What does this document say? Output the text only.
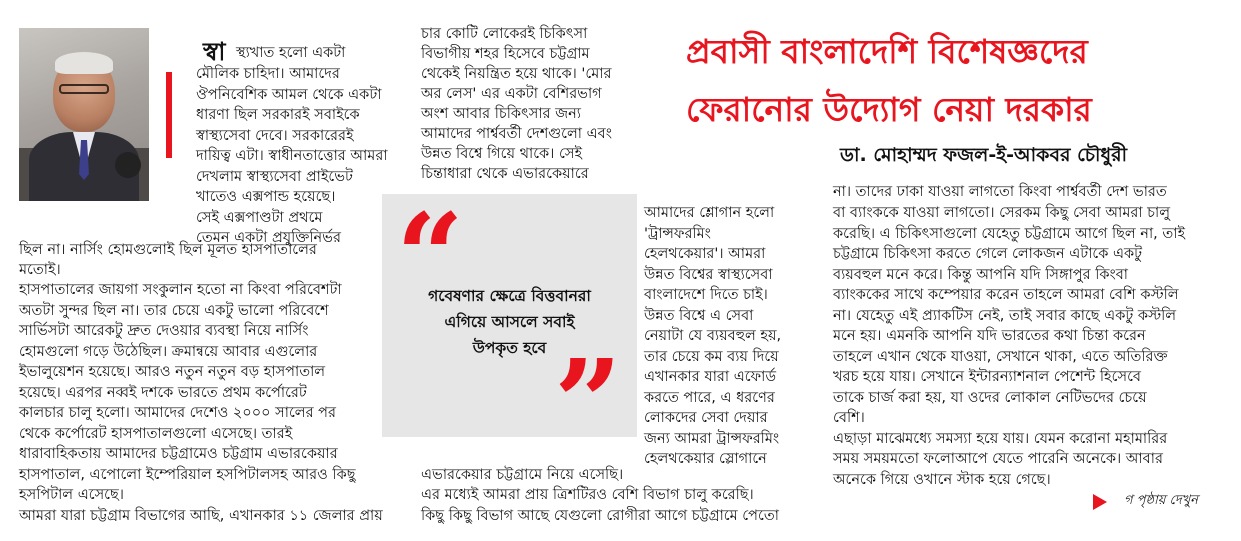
প্রবাসী বাংলাদেশি বিশেষজ্ঞদের
ফেরানোর উদ্যোগ নেয়া দরকার
ডা. মোহাম্মদ ফজল-ই-আকবর চৌধুরী
স্বা স্থ্যখাত হলো একটা
মৌলিক চাহিদা। আমাদের
ঔপনিবেশিক আমল থেকে একটা
ধারণা ছিল সরকারই সবাইকে
স্বাস্থ্যসেবা দেবে। সরকারেরই
দায়িত্ব এটা। স্বাধীনতাত্তোর আমরা
দেখলাম স্বাস্থ্যসেবা প্রাইভেট
খাতেও এক্সপান্ড হয়েছে।
সেই এক্সপাণ্ডটা প্রথমে
তেমন একটা প্রযুক্তিনির্ভর
ছিল না। নার্সিং হোমগুলোই ছিল মূলত হাসপাতালের
মতোই।
হাসপাতালের জায়গা সংকুলান হতো না কিংবা পরিবেশটা
অতটা সুন্দর ছিল না। তার চেয়ে একটু ভালো পরিবেশে
সার্ভিসটা আরেকটু দ্রুত দেওয়ার ব্যবস্থা নিয়ে নার্সিং
হোমগুলো গড়ে উঠেছিল। ক্রমান্বয়ে আবার এগুলোর
ইভালুয়েশন হয়েছে। আরও নতুন নতুন বড় হাসপাতাল
হয়েছে। এরপর নব্বই দশকে ভারতে প্রথম কর্পোরেট
কালচার চালু হলো। আমাদের দেশেও ২০০০ সালের পর
থেকে কর্পোরেট হাসপাতালগুলো এসেছে। তারই
ধারাবাহিকতায় আমাদের চট্টগ্রামেও চট্টগ্রাম এভারকেয়ার
হাসপাতাল, এপোলো ইম্পেরিয়াল হসপিটালসহ আরও কিছু
হসপিটাল এসেছে।
আমরা যারা চট্টগ্রাম বিভাগের আছি, এখানকার ১১ জেলার প্রায়
চার কোটি লোকেরই চিকিৎসা
বিভাগীয় শহর হিসেবে চট্টগ্রাম
থেকেই নিয়ন্ত্রিত হয়ে থাকে। 'মোর
অর লেস' এর একটা বেশিরভাগ
অংশ আবার চিকিৎসার জন্য
আমাদের পার্শ্ববর্তী দেশগুলো এবং
উন্নত বিশ্বে গিয়ে থাকে। সেই
চিন্তাধারা থেকে এভারকেয়ারে
“
গবেষণার ক্ষেত্রে বিত্তবানরা
এগিয়ে আসলে সবাই
উপকৃত হবে ”
আমাদের শ্লোগান হলো
'ট্রান্সফরমিং
হেলথকেয়ার'। আমরা
উন্নত বিশ্বের স্বাস্থ্যসেবা
বাংলাদেশে দিতে চাই।
উন্নত বিশ্বে এ সেবা
নেয়াটা যে ব্যয়বহুল হয়,
তার চেয়ে কম ব্যয় দিয়ে
এখানকার যারা এফোর্ড
করতে পারে, এ ধরণের
লোকদের সেবা দেয়ার
জন্য আমরা ট্রান্সফরমিং
হেলথকেয়ার স্লোগানে
এভারকেয়ার চট্টগ্রামে নিয়ে এসেছি।
এর মধ্যেই আমরা প্রায় ত্রিশটিরও বেশি বিভাগ চালু করেছি।
কিছু কিছু বিভাগ আছে যেগুলো রোগীরা আগে চট্টগ্রামে পেতো
না। তাদের ঢাকা যাওয়া লাগতো কিংবা পার্শ্ববর্তী দেশ ভারত
বা ব্যাংককে যাওয়া লাগতো। সেরকম কিছু সেবা আমরা চালু
করেছি। এ চিকিৎসাগুলো যেহেতু চট্টগ্রামে আগে ছিল না, তাই
চট্টগ্রামে চিকিৎসা করতে গেলে লোকজন এটাকে একটু
ব্যয়বহুল মনে করে। কিন্তু আপনি যদি সিঙ্গাপুর কিংবা
ব্যাংককের সাথে কম্পেয়ার করেন তাহলে আমরা বেশি কস্টলি
না। যেহেতু এই প্র্যাকটিস নেই, তাই সবার কাছে একটু কস্টলি
মনে হয়। এমনকি আপনি যদি ভারতের কথা চিন্তা করেন
তাহলে এখান থেকে যাওয়া, সেখানে থাকা, এতে অতিরিক্ত
খরচ হয়ে যায়। সেখানে ইন্টারন্যাশনাল পেশেন্ট হিসেবে
তাকে চার্জ করা হয়, যা ওদের লোকাল নেটিভদের চেয়ে
বেশি।
এছাড়া মাঝেমধ্যে সমস্যা হয়ে যায়। যেমন করোনা মহামারির
সময় সময়মতো ফলোআপে যেতে পারেনি অনেকে। আবার
অনেকে গিয়ে ওখানে স্টাক হয়ে গেছে।
গ পৃষ্ঠায় দেখুন
